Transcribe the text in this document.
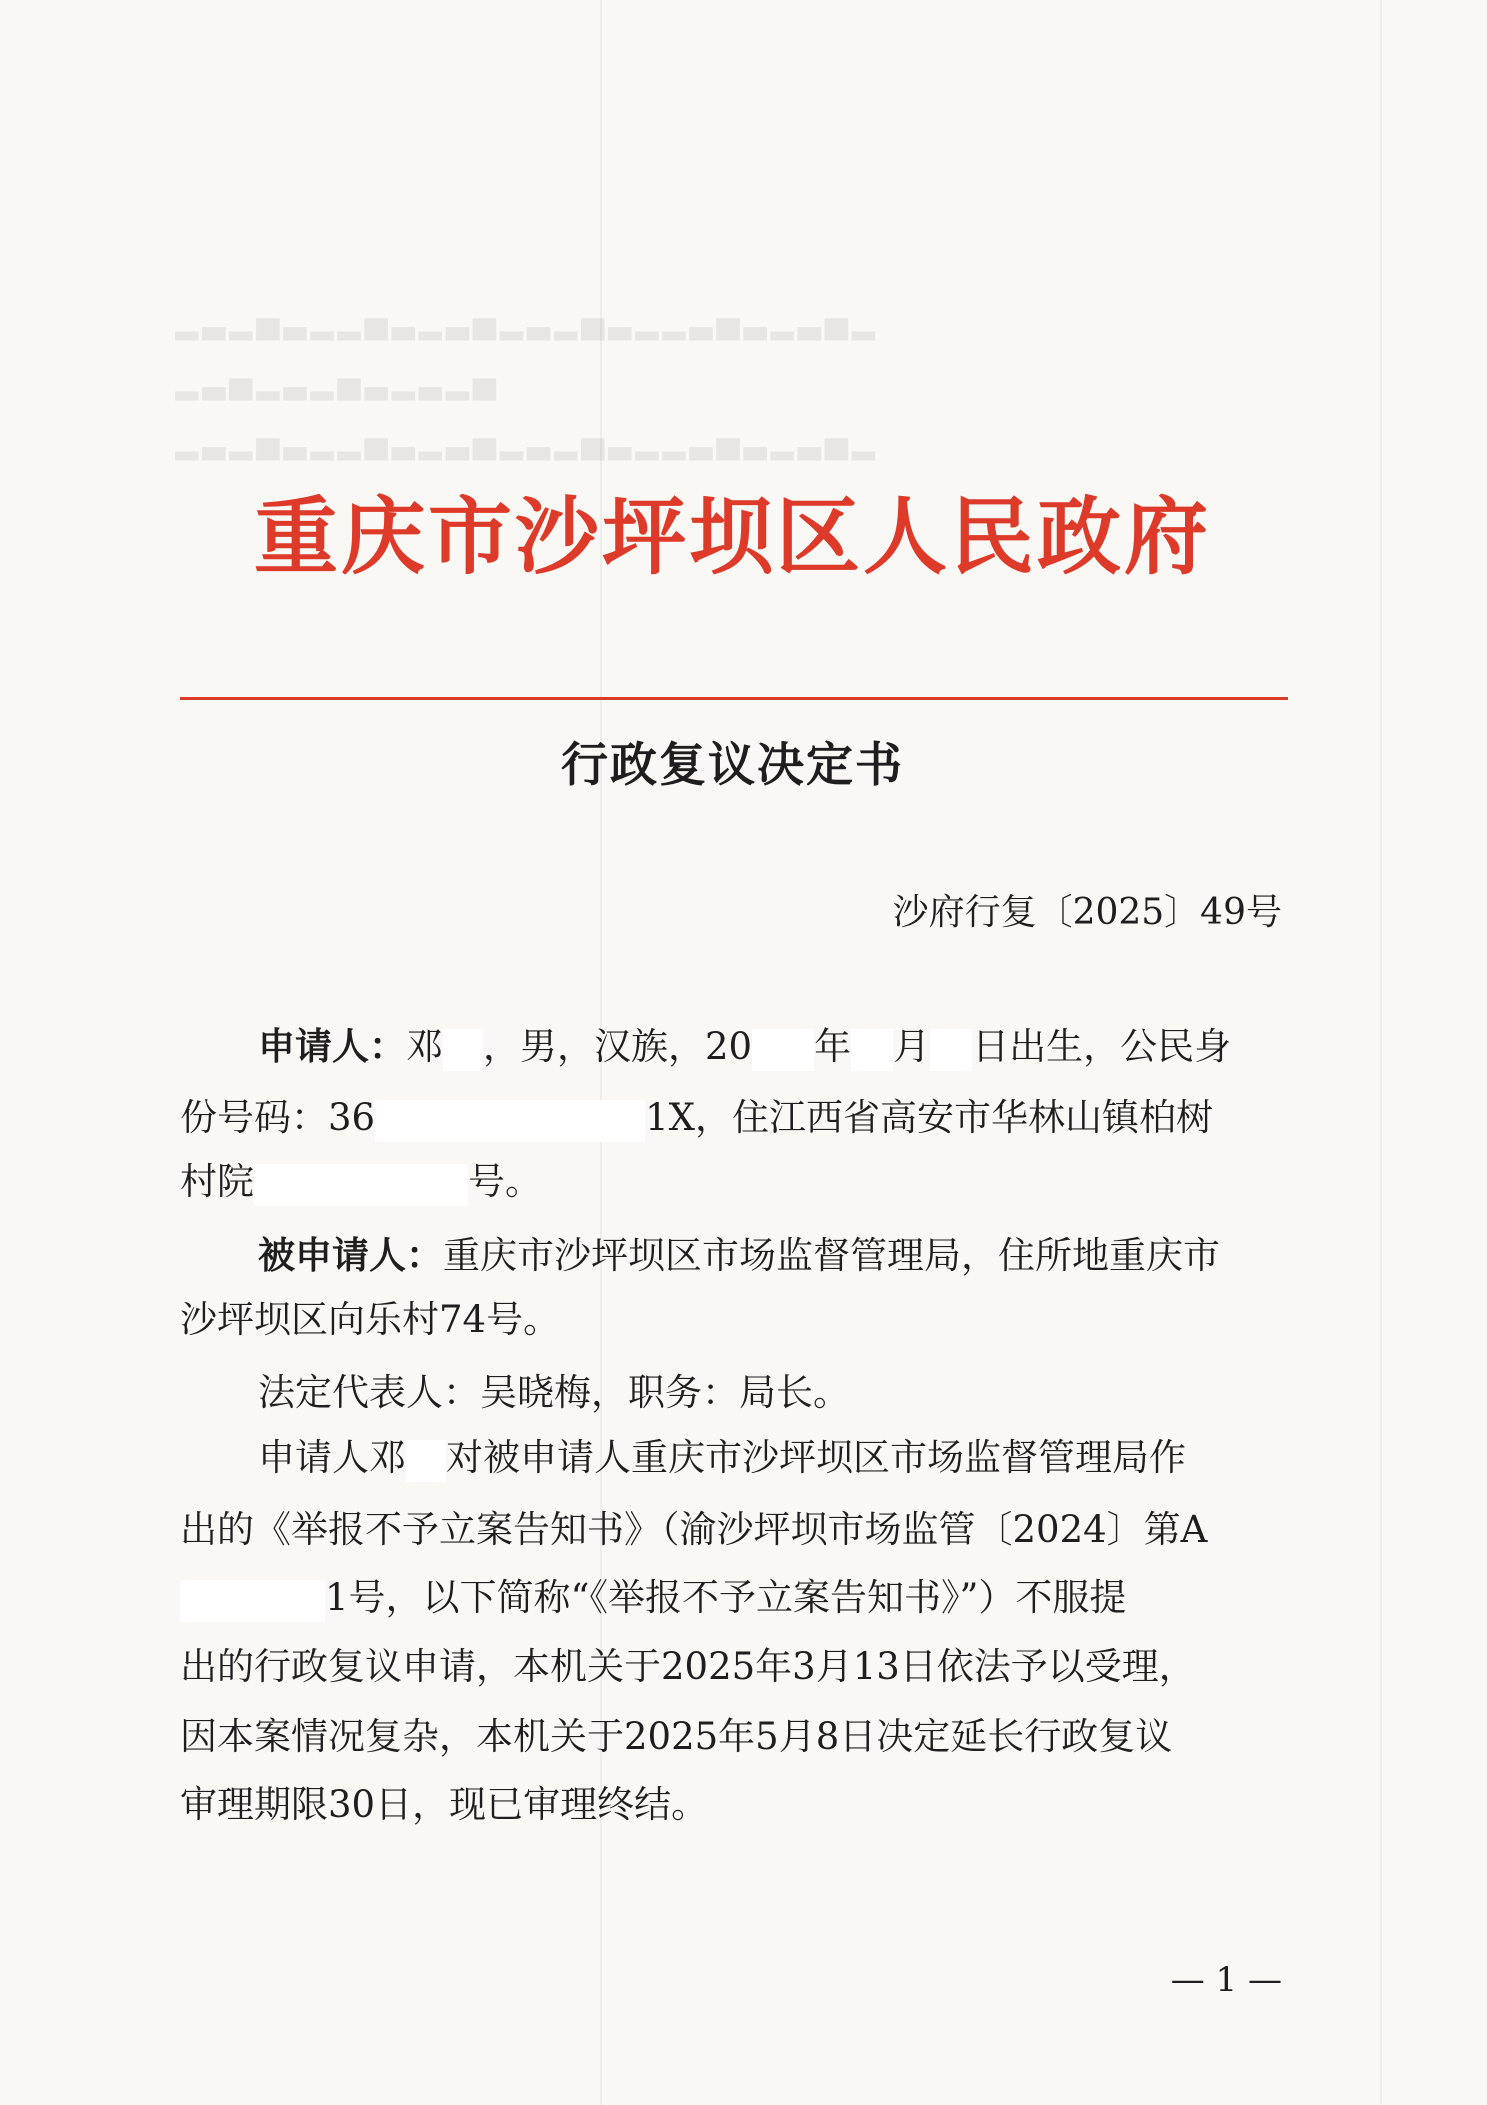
▂▃▂▅▃▂▂▅▃▂▃▅▂▃▂▅▃▂▂▃▅▃▂▃▅▂
▂▃▅▂▃▂▅▃▂▃▂▅
▂▃▂▅▃▂▂▅▃▂▃▅▂▃▂▅▃▂▂▃▅▃▂▃▅▂
重庆市沙坪坝区人民政府
行政复议决定书
沙府行复〔2025〕49号
申请人：邓 ，男，汉族，20 年 月 日出生，公民身
份号码：36	1X，住江西省高安市华林山镇柏树
村院	号。
被申请人：重庆市沙坪坝区市场监督管理局，住所地重庆市
沙坪坝区向乐村74号。
法定代表人：吴晓梅，职务：局长。
申请人邓 对被申请人重庆市沙坪坝区市场监督管理局作
出的《举报不予立案告知书》（渝沙坪坝市场监管〔2024〕第A
1号，以下简称“《举报不予立案告知书》”）不服提
出的行政复议申请，本机关于2025年3月13日依法予以受理，
因本案情况复杂，本机关于2025年5月8日决定延长行政复议
审理期限30日，现已审理终结。
— 1 —
